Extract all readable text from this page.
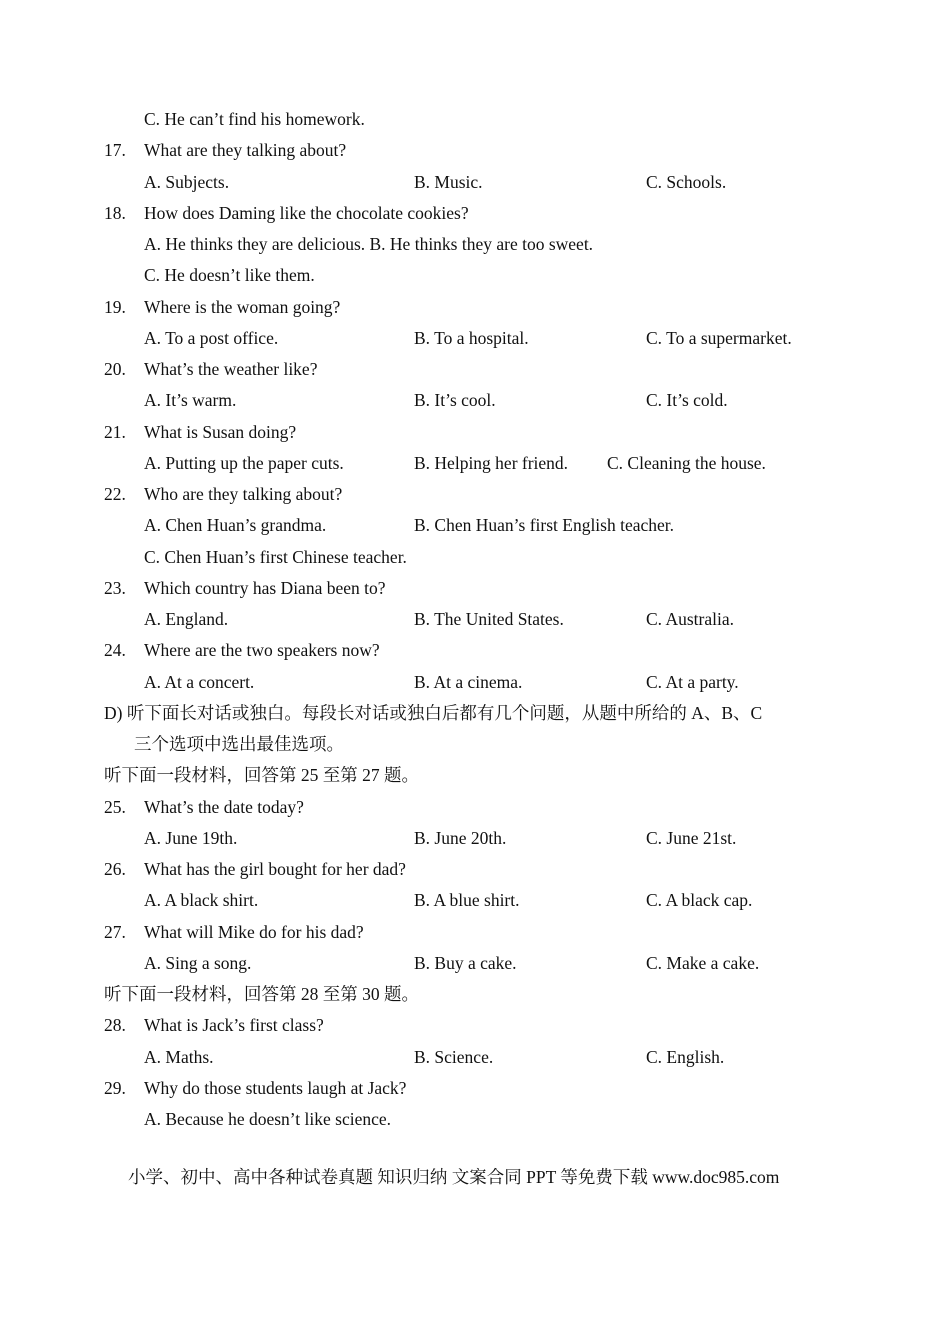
C. He can’t find his homework.
17. What are they talking about?
A. Subjects.	B. Music.	C. Schools.
18. How does Daming like the chocolate cookies?
A. He thinks they are delicious. B. He thinks they are too sweet.
C. He doesn’t like them.
19. Where is the woman going?
A. To a post office.	B. To a hospital.	C. To a supermarket.
20. What’s the weather like?
A. It’s warm.	B. It’s cool.	C. It’s cold.
21. What is Susan doing?
A. Putting up the paper cuts.	B. Helping her friend. C. Cleaning the house.
22. Who are they talking about?
A. Chen Huan’s grandma.	B. Chen Huan’s first English teacher.
C. Chen Huan’s first Chinese teacher.
23. Which country has Diana been to?
A. England.	B. The United States.	C. Australia.
24. Where are the two speakers now?
A. At a concert.	B. At a cinema.	C. At a party.
D) 听下面长对话或独白。每段长对话或独白后都有几个问题，从题中所给的 A、B、C
三个选项中选出最佳选项。
听下面一段材料，回答第 25 至第 27 题。
25. What’s the date today?
A. June 19th.	B. June 20th.	C. June 21st.
26. What has the girl bought for her dad?
A. A black shirt.	B. A blue shirt.	C. A black cap.
27. What will Mike do for his dad?
A. Sing a song.	B. Buy a cake.	C. Make a cake.
听下面一段材料，回答第 28 至第 30 题。
28. What is Jack’s first class?
A. Maths.	B. Science.	C. English.
29. Why do those students laugh at Jack?
A. Because he doesn’t like science.
小学、初中、高中各种试卷真题 知识归纳 文案合同 PPT 等免费下载 www.doc985.com
